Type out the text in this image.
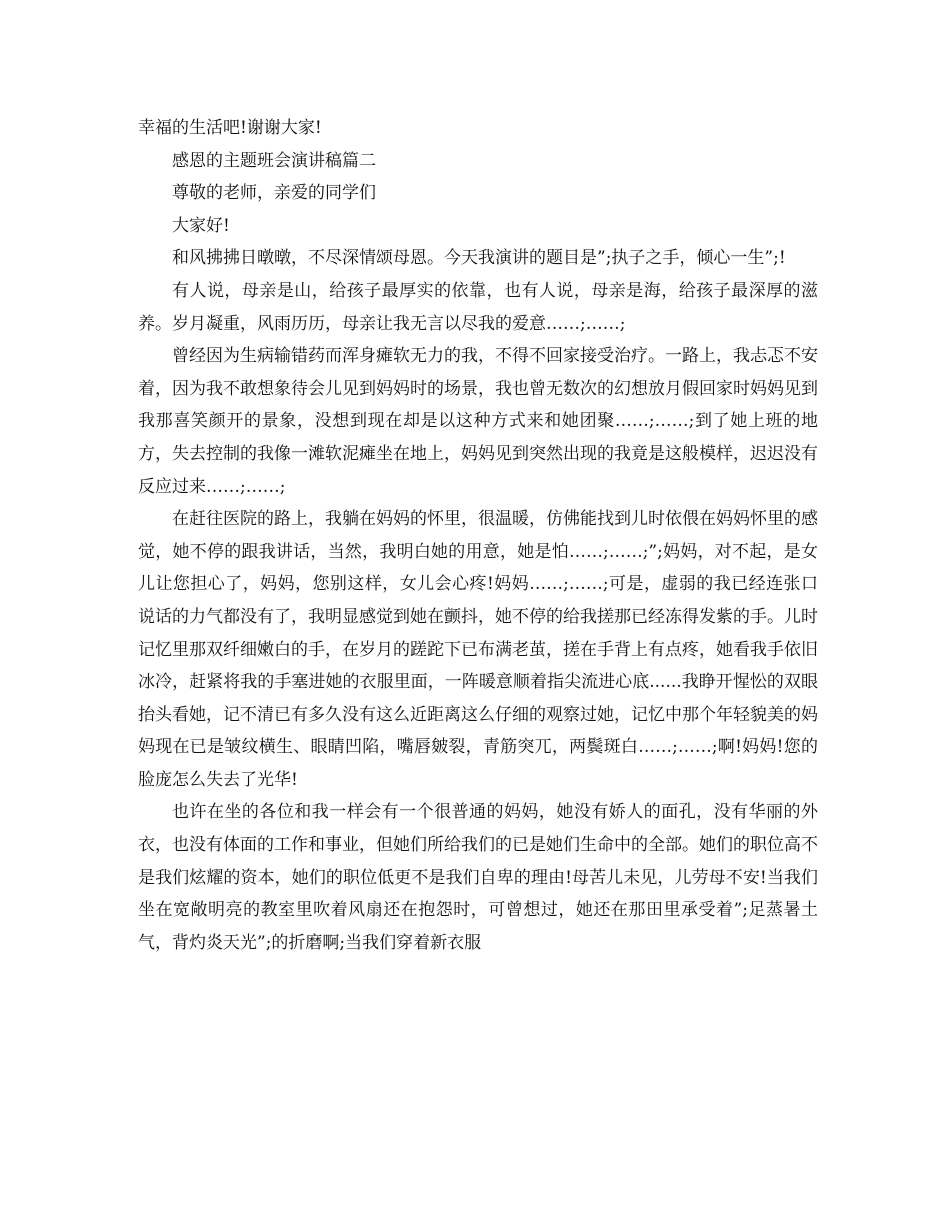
幸福的生活吧!谢谢大家!

感恩的主题班会演讲稿篇二

尊敬的老师，亲爱的同学们

大家好!

和风拂拂日暾暾，不尽深情颂母恩。今天我演讲的题目是”;执子之手，倾心一生”;!

有人说，母亲是山，给孩子最厚实的依靠，也有人说，母亲是海，给孩子最深厚的滋养。岁月凝重，风雨历历，母亲让我无言以尽我的爱意……;……;

曾经因为生病输错药而浑身瘫软无力的我，不得不回家接受治疗。一路上，我忐忑不安着，因为我不敢想象待会儿见到妈妈时的场景，我也曾无数次的幻想放月假回家时妈妈见到我那喜笑颜开的景象，没想到现在却是以这种方式来和她团聚……;……;到了她上班的地方，失去控制的我像一滩软泥瘫坐在地上，妈妈见到突然出现的我竟是这般模样，迟迟没有反应过来……;……;

在赶往医院的路上，我躺在妈妈的怀里，很温暖，仿佛能找到儿时依偎在妈妈怀里的感觉，她不停的跟我讲话，当然，我明白她的用意，她是怕……;……;”;妈妈，对不起，是女儿让您担心了，妈妈，您别这样，女儿会心疼!妈妈……;……;可是，虚弱的我已经连张口说话的力气都没有了，我明显感觉到她在颤抖，她不停的给我搓那已经冻得发紫的手。儿时记忆里那双纤细嫩白的手，在岁月的蹉跎下已布满老茧，搓在手背上有点疼，她看我手依旧冰冷，赶紧将我的手塞进她的衣服里面，一阵暖意顺着指尖流进心底......我睁开惺忪的双眼抬头看她，记不清已有多久没有这么近距离这么仔细的观察过她，记忆中那个年轻貌美的妈妈现在已是皱纹横生、眼睛凹陷，嘴唇皴裂，青筋突兀，两鬓斑白……;……;啊!妈妈!您的脸庞怎么失去了光华!

也许在坐的各位和我一样会有一个很普通的妈妈，她没有娇人的面孔，没有华丽的外衣，也没有体面的工作和事业，但她们所给我们的已是她们生命中的全部。她们的职位高不是我们炫耀的资本，她们的职位低更不是我们自卑的理由!母苦儿未见，儿劳母不安!当我们坐在宽敞明亮的教室里吹着风扇还在抱怨时，可曾想过，她还在那田里承受着”;足蒸暑土气，背灼炎天光”;的折磨啊;当我们穿着新衣服
